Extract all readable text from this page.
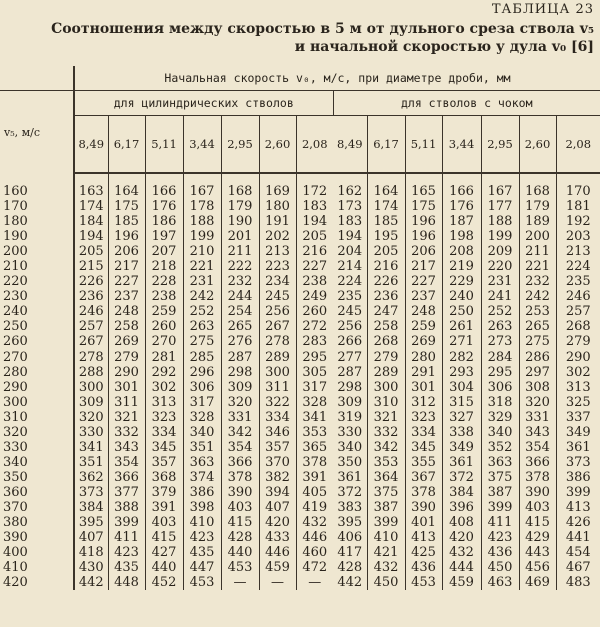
ТАБЛИЦА 23
Соотношения между скоростью в 5 м от дульного среза ствола v₅
и начальной скоростью у дула v₀ [6]
	Начальная скорость v₀, м/с, при диаметре дроби, мм													
v₅, м/с	для цилиндрических стволов							для стволов с чоком						
	8,49	6,17	5,11	3,44	2,95	2,60	2,08	8,49	6,17	5,11	3,44	2,95	2,60	2,08
160	163	164	166	167	168	169	172	162	164	165	166	167	168	170
170	174	175	176	178	179	180	183	173	174	175	176	177	179	181
180	184	185	186	188	190	191	194	183	185	196	187	188	189	192
190	194	196	197	199	201	202	205	194	195	196	198	199	200	203
200	205	206	207	210	211	213	216	204	205	206	208	209	211	213
210	215	217	218	221	222	223	227	214	216	217	219	220	221	224
220	226	227	228	231	232	234	238	224	226	227	229	231	232	235
230	236	237	238	242	244	245	249	235	236	237	240	241	242	246
240	246	248	259	252	254	256	260	245	247	248	250	252	253	257
250	257	258	260	263	265	267	272	256	258	259	261	263	265	268
260	267	269	270	275	276	278	283	266	268	269	271	273	275	279
270	278	279	281	285	287	289	295	277	279	280	282	284	286	290
280	288	290	292	296	298	300	305	287	289	291	293	295	297	302
290	300	301	302	306	309	311	317	298	300	301	304	306	308	313
300	309	311	313	317	320	322	328	309	310	312	315	318	320	325
310	320	321	323	328	331	334	341	319	321	323	327	329	331	337
320	330	332	334	340	342	346	353	330	332	334	338	340	343	349
330	341	343	345	351	354	357	365	340	342	345	349	352	354	361
340	351	354	357	363	366	370	378	350	353	355	361	363	366	373
350	362	366	368	374	378	382	391	361	364	367	372	375	378	386
360	373	377	379	386	390	394	405	372	375	378	384	387	390	399
370	384	388	391	398	403	407	419	383	387	390	396	399	403	413
380	395	399	403	410	415	420	432	395	399	401	408	411	415	426
390	407	411	415	423	428	433	446	406	410	413	420	423	429	441
400	418	423	427	435	440	446	460	417	421	425	432	436	443	454
410	430	435	440	447	453	459	472	428	432	436	444	450	456	467
420	442	448	452	453	—	—	—	442	450	453	459	463	469	483
